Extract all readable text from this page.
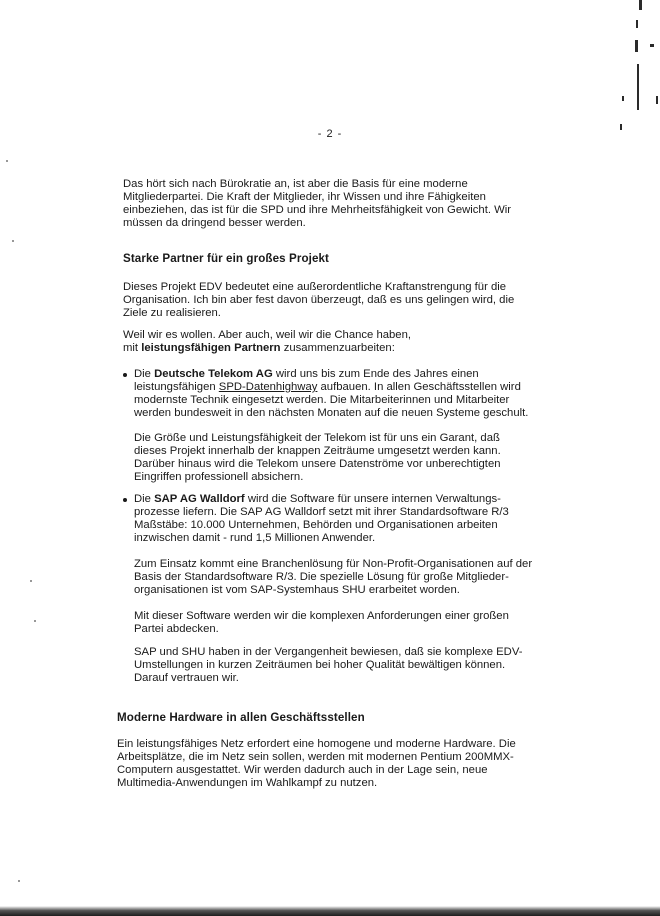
- 2 -

Das hört sich nach Bürokratie an, ist aber die Basis für eine moderne Mitgliederpartei. Die Kraft der Mitglieder, ihr Wissen und ihre Fähigkeiten einbeziehen, das ist für die SPD und ihre Mehrheitsfähigkeit von Gewicht. Wir müssen da dringend besser werden.

Starke Partner für ein großes Projekt

Dieses Projekt EDV bedeutet eine außerordentliche Kraftanstrengung für die Organisation. Ich bin aber fest davon überzeugt, daß es uns gelingen wird, die Ziele zu realisieren.

Weil wir es wollen. Aber auch, weil wir die Chance haben,
mit leistungsfähigen Partnern zusammenzuarbeiten:

Die Deutsche Telekom AG wird uns bis zum Ende des Jahres einen leistungsfähigen SPD-Datenhighway aufbauen. In allen Geschäftsstellen wird modernste Technik eingesetzt werden. Die Mitarbeiterinnen und Mitarbeiter werden bundesweit in den nächsten Monaten auf die neuen Systeme geschult.

Die Größe und Leistungsfähigkeit der Telekom ist für uns ein Garant, daß dieses Projekt innerhalb der knappen Zeiträume umgesetzt werden kann. Darüber hinaus wird die Telekom unsere Datenströme vor unberechtigten Eingriffen professionell absichern.

Die SAP AG Walldorf wird die Software für unsere internen Verwaltungs-prozesse liefern. Die SAP AG Walldorf setzt mit ihrer Standardsoftware R/3 Maßstäbe: 10.000 Unternehmen, Behörden und Organisationen arbeiten inzwischen damit - rund 1,5 Millionen Anwender.

Zum Einsatz kommt eine Branchenlösung für Non-Profit-Organisationen auf der Basis der Standardsoftware R/3. Die spezielle Lösung für große Mitglieder-organisationen ist vom SAP-Systemhaus SHU erarbeitet worden.

Mit dieser Software werden wir die komplexen Anforderungen einer großen Partei abdecken.

SAP und SHU haben in der Vergangenheit bewiesen, daß sie komplexe EDV-Umstellungen in kurzen Zeiträumen bei hoher Qualität bewältigen können. Darauf vertrauen wir.

Moderne Hardware in allen Geschäftsstellen

Ein leistungsfähiges Netz erfordert eine homogene und moderne Hardware. Die Arbeitsplätze, die im Netz sein sollen, werden mit modernen Pentium 200MMX-Computern ausgestattet. Wir werden dadurch auch in der Lage sein, neue Multimedia-Anwendungen im Wahlkampf zu nutzen.
